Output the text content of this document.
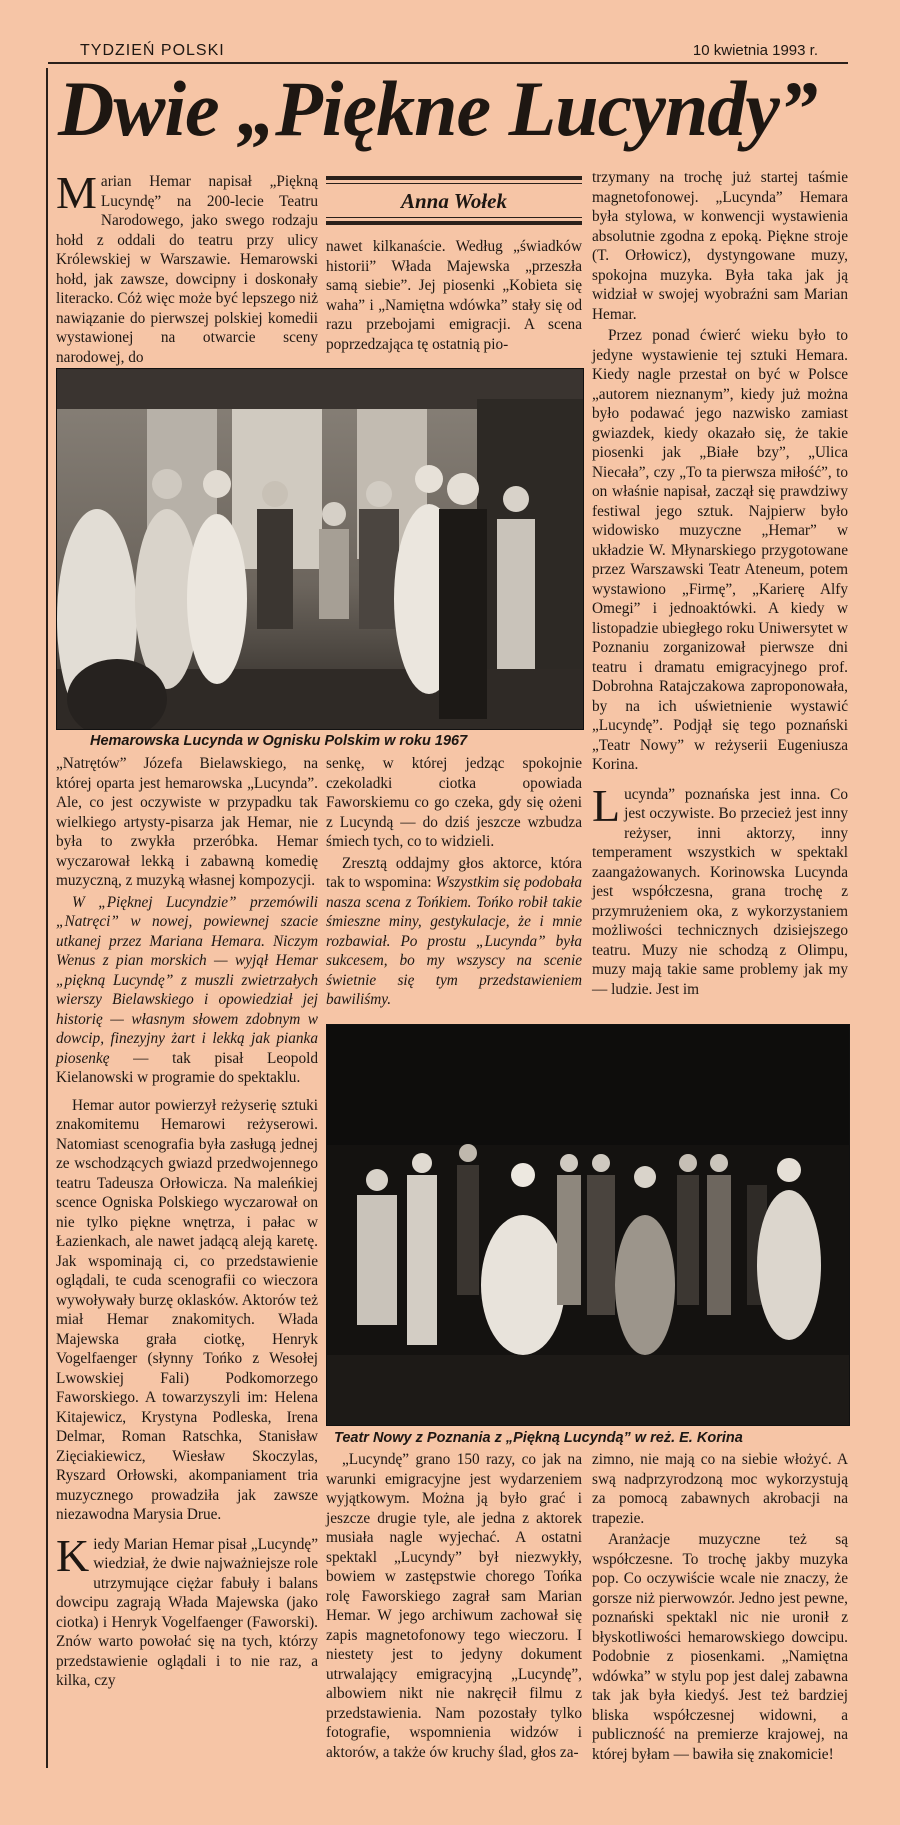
TYDZIEŃ POLSKI	10 kwietnia 1993 r.
Dwie „Piękne Lucyndy”

Marian Hemar napisał „Piękną Lucyndę” na 200-lecie Teatru Narodowego, jako swego rodzaju hołd z oddali do teatru przy ulicy Królewskiej w Warszawie. Hemarowski hołd, jak zawsze, dowcipny i doskonały literacko. Cóż więc może być lepszego niż nawiązanie do pierwszej polskiej komedii wystawionej na otwarcie sceny narodowej, do

Anna Wołek

nawet kilkanaście. Według „świadków historii” Włada Majewska „przeszła samą siebie”. Jej piosenki „Kobieta się waha” i „Namiętna wdówka” stały się od razu przebojami emigracji. A scena poprzedzająca tę ostatnią pio-

trzymany na trochę już startej taśmie magnetofonowej. „Lucynda” Hemara była stylowa, w konwencji wystawienia absolutnie zgodna z epoką. Piękne stroje (T. Orłowicz), dystyngowane muzy, spokojna muzyka. Była taka jak ją widział w swojej wyobraźni sam Marian Hemar.

Przez ponad ćwierć wieku było to jedyne wystawienie tej sztuki Hemara. Kiedy nagle przestał on być w Polsce „autorem nieznanym”, kiedy już można było podawać jego nazwisko zamiast gwiazdek, kiedy okazało się, że takie piosenki jak „Białe bzy”, „Ulica Niecała”, czy „To ta pierwsza miłość”, to on właśnie napisał, zaczął się prawdziwy festiwal jego sztuk. Najpierw było widowisko muzyczne „Hemar” w układzie W. Młynarskiego przygotowane przez Warszawski Teatr Ateneum, potem wystawiono „Firmę”, „Karierę Alfy Omegi” i jednoaktówki. A kiedy w listopadzie ubiegłego roku Uniwersytet w Poznaniu zorganizował pierwsze dni teatru i dramatu emigracyjnego prof. Dobrohna Ratajczakowa zaproponowała, by na ich uświetnienie wystawić „Lucyndę”. Podjął się tego poznański „Teatr Nowy” w reżyserii Eugeniusza Korina.

Lucynda” poznańska jest inna. Co jest oczywiste. Bo przecież jest inny reżyser, inni aktorzy, inny temperament wszystkich w spektakl zaangażowanych. Korinowska Lucynda jest współczesna, grana trochę z przymrużeniem oka, z wykorzystaniem możliwości technicznych dzisiejszego teatru. Muzy nie schodzą z Olimpu, muzy mają takie same problemy jak my — ludzie. Jest im

Hemarowska Lucynda w Ognisku Polskim w roku 1967

„Natrętów” Józefa Bielawskiego, na której oparta jest hemarowska „Lucynda”. Ale, co jest oczywiste w przypadku tak wielkiego artysty-pisarza jak Hemar, nie była to zwykła przeróbka. Hemar wyczarował lekką i zabawną komedię muzyczną, z muzyką własnej kompozycji.

W „Pięknej Lucyndzie” przemówili „Natręci” w nowej, powiewnej szacie utkanej przez Mariana Hemara. Niczym Wenus z pian morskich — wyjął Hemar „piękną Lucyndę” z muszli zwietrzałych wierszy Bielawskiego i opowiedział jej historię — własnym słowem zdobnym w dowcip, finezyjny żart i lekką jak pianka piosenkę — tak pisał Leopold Kielanowski w programie do spektaklu.

Hemar autor powierzył reżyserię sztuki znakomitemu Hemarowi reżyserowi. Natomiast scenografia była zasługą jednej ze wschodzących gwiazd przedwojennego teatru Tadeusza Orłowicza. Na maleńkiej scence Ogniska Polskiego wyczarował on nie tylko piękne wnętrza, i pałac w Łazienkach, ale nawet jadącą aleją karetę. Jak wspominają ci, co przedstawienie oglądali, te cuda scenografii co wieczora wywoływały burzę oklasków. Aktorów też miał Hemar znakomitych. Włada Majewska grała ciotkę, Henryk Vogelfaenger (słynny Tońko z Wesołej Lwowskiej Fali) Podkomorzego Faworskiego. A towarzyszyli im: Helena Kitajewicz, Krystyna Podleska, Irena Delmar, Roman Ratschka, Stanisław Zięciakiewicz, Wiesław Skoczylas, Ryszard Orłowski, akompaniament tria muzycznego prowadziła jak zawsze niezawodna Marysia Drue.

Kiedy Marian Hemar pisał „Lucyndę” wiedział, że dwie najważniejsze role utrzymujące ciężar fabuły i balans dowcipu zagrają Włada Majewska (jako ciotka) i Henryk Vogelfaenger (Faworski). Znów warto powołać się na tych, którzy przedstawienie oglądali i to nie raz, a kilka, czy

senkę, w której jedząc spokojnie czekoladki ciotka opowiada Faworskiemu co go czeka, gdy się ożeni z Lucyndą — do dziś jeszcze wzbudza śmiech tych, co to widzieli.

Zresztą oddajmy głos aktorce, która tak to wspomina: Wszystkim się podobała nasza scena z Tońkiem. Tońko robił takie śmieszne miny, gestykulacje, że i mnie rozbawiał. Po prostu „Lucynda” była sukcesem, bo my wszyscy na scenie świetnie się tym przedstawieniem bawiliśmy.

Teatr Nowy z Poznania z „Piękną Lucyndą” w reż. E. Korina

„Lucyndę” grano 150 razy, co jak na warunki emigracyjne jest wydarzeniem wyjątkowym. Można ją było grać i jeszcze drugie tyle, ale jedna z aktorek musiała nagle wyjechać. A ostatni spektakl „Lucyndy” był niezwykły, bowiem w zastępstwie chorego Tońka rolę Faworskiego zagrał sam Marian Hemar. W jego archiwum zachował się zapis magnetofonowy tego wieczoru. I niestety jest to jedyny dokument utrwalający emigracyjną „Lucyndę”, albowiem nikt nie nakręcił filmu z przedstawienia. Nam pozostały tylko fotografie, wspomnienia widzów i aktorów, a także ów kruchy ślad, głos za-

zimno, nie mają co na siebie włożyć. A swą nadprzyrodzoną moc wykorzystują za pomocą zabawnych akrobacji na trapezie.

Aranżacje muzyczne też są współczesne. To trochę jakby muzyka pop. Co oczywiście wcale nie znaczy, że gorsze niż pierwowzór. Jedno jest pewne, poznański spektakl nic nie uronił z błyskotliwości hemarowskiego dowcipu. Podobnie z piosenkami. „Namiętna wdówka” w stylu pop jest dalej zabawna tak jak była kiedyś. Jest też bardziej bliska współczesnej widowni, a publiczność na premierze krajowej, na której byłam — bawiła się znakomicie!
